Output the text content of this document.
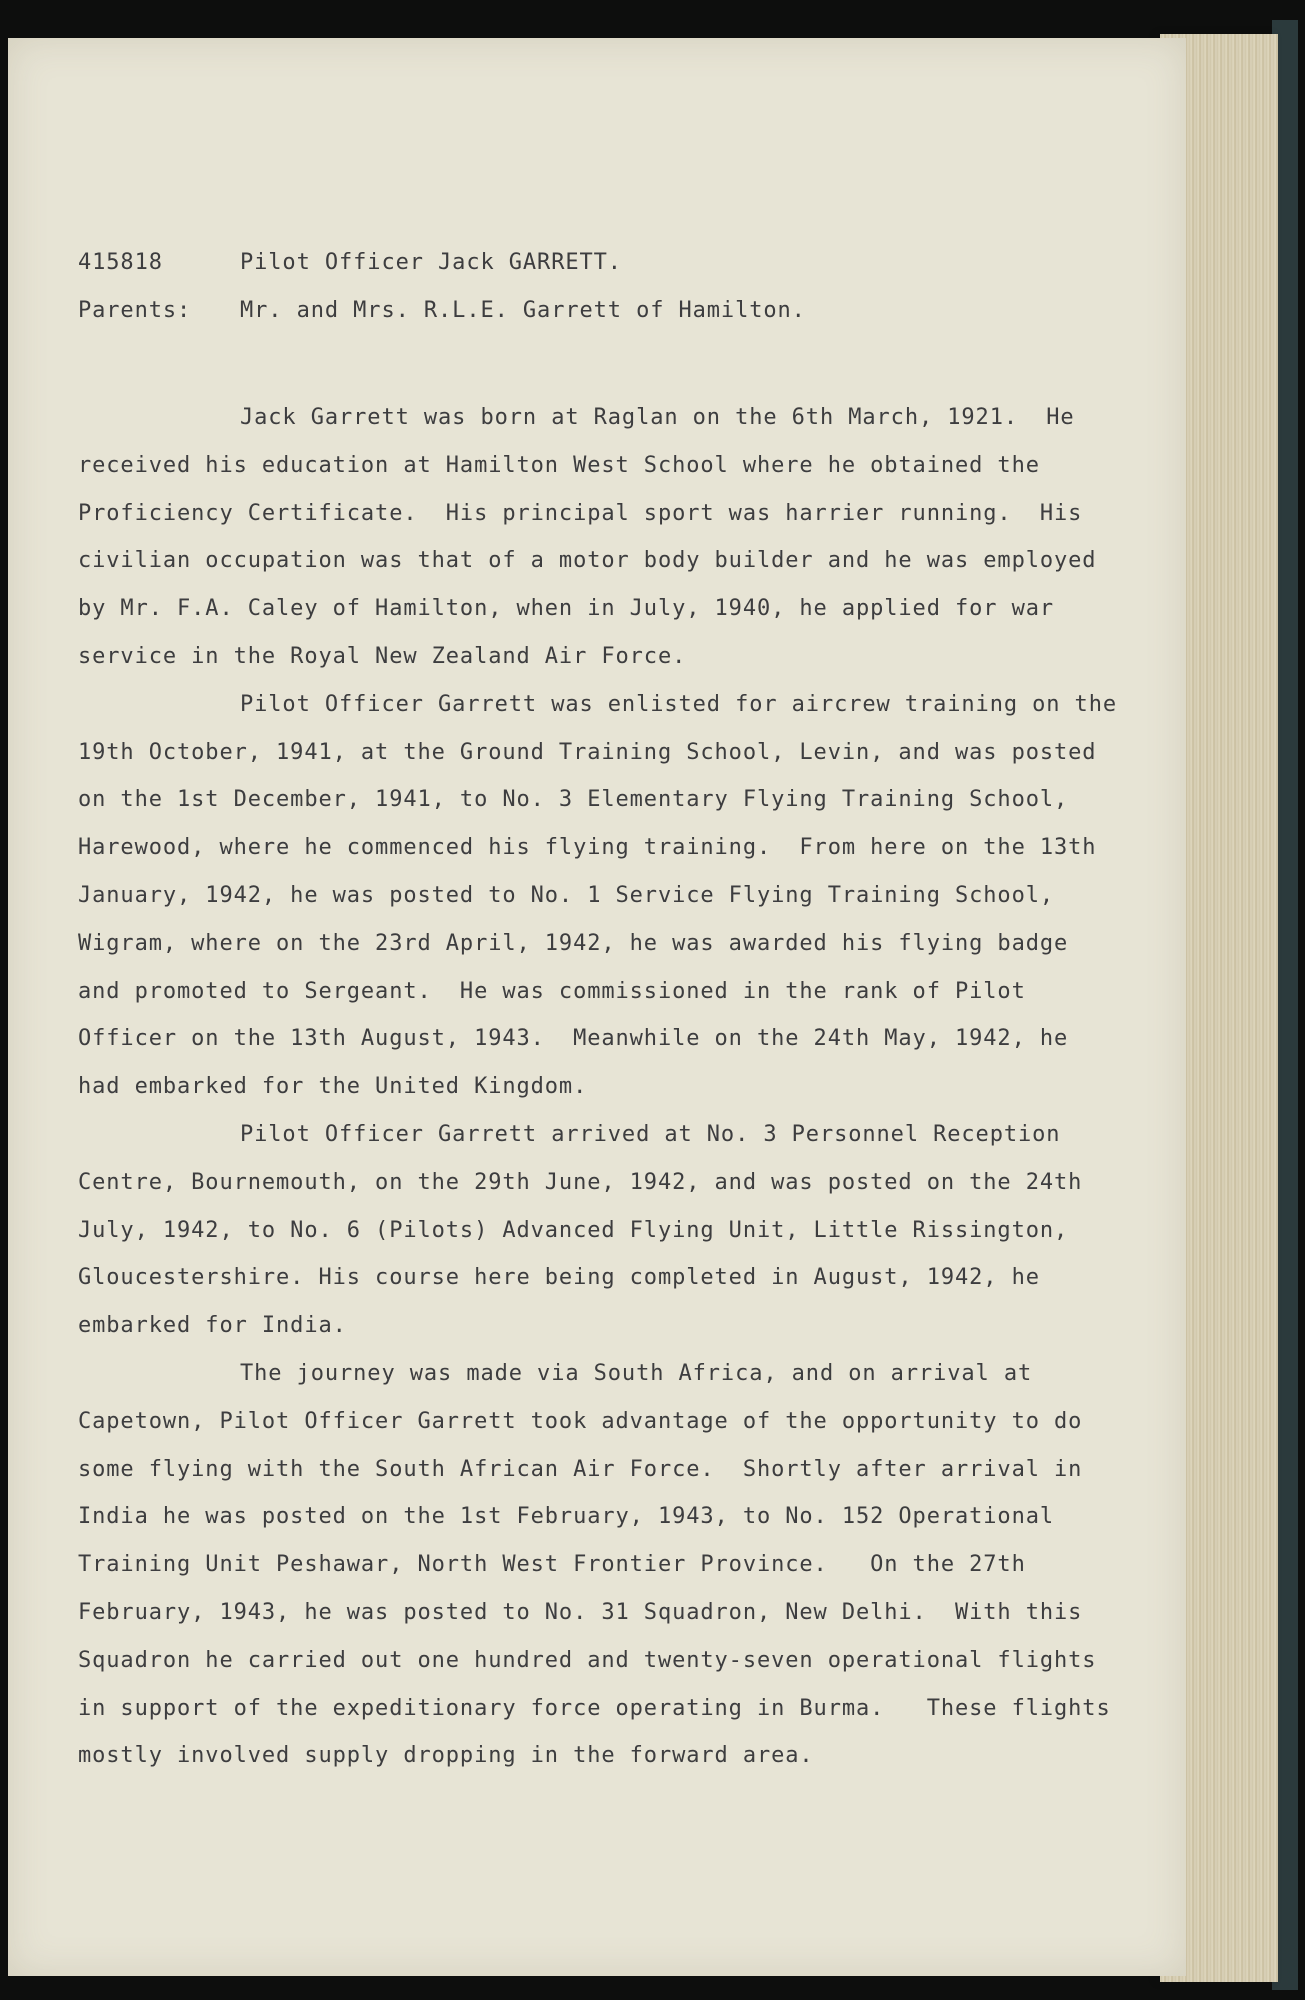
415818

	Pilot Officer Jack GARRETT.

Parents:

Mr. and Mrs. R.L.E. Garrett of Hamilton.

Jack Garrett was born at Raglan on the 6th March, 1921.  He
received his education at Hamilton West School where he obtained the
Proficiency Certificate.  His principal sport was harrier running.  His
civilian occupation was that of a motor body builder and he was employed
by Mr. F.A. Caley of Hamilton, when in July, 1940, he applied for war
service in the Royal New Zealand Air Force.
Pilot Officer Garrett was enlisted for aircrew training on the
19th October, 1941, at the Ground Training School, Levin, and was posted
on the 1st December, 1941, to No. 3 Elementary Flying Training School,
Harewood, where he commenced his flying training.  From here on the 13th
January, 1942, he was posted to No. 1 Service Flying Training School,
Wigram, where on the 23rd April, 1942, he was awarded his flying badge
and promoted to Sergeant.  He was commissioned in the rank of Pilot
Officer on the 13th August, 1943.  Meanwhile on the 24th May, 1942, he
had embarked for the United Kingdom.
Pilot Officer Garrett arrived at No. 3 Personnel Reception
Centre, Bournemouth, on the 29th June, 1942, and was posted on the 24th
July, 1942, to No. 6 (Pilots) Advanced Flying Unit, Little Rissington,
Gloucestershire. His course here being completed in August, 1942, he
embarked for India.
The journey was made via South Africa, and on arrival at
Capetown, Pilot Officer Garrett took advantage of the opportunity to do
some flying with the South African Air Force.  Shortly after arrival in
India he was posted on the 1st February, 1943, to No. 152 Operational
Training Unit Peshawar, North West Frontier Province.   On the 27th
February, 1943, he was posted to No. 31 Squadron, New Delhi.  With this
Squadron he carried out one hundred and twenty-seven operational flights
in support of the expeditionary force operating in Burma.   These flights
mostly involved supply dropping in the forward area.
